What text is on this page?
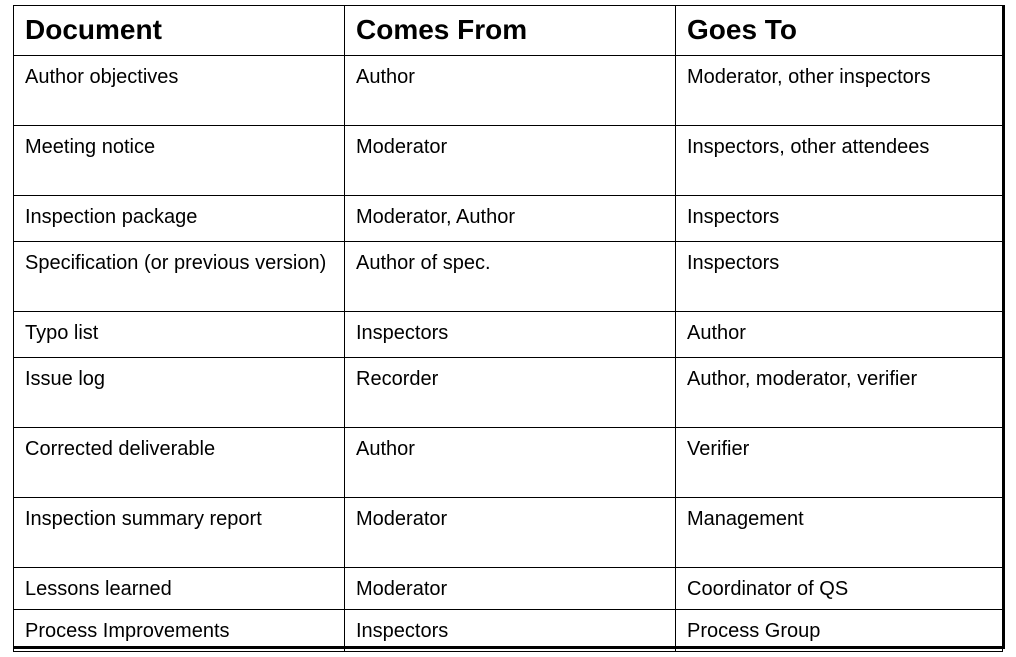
Document	Comes From	Goes To
Author objectives	Author	Moderator, other inspectors
Meeting notice	Moderator	Inspectors, other attendees
Inspection package	Moderator, Author	Inspectors
Specification (or previous version)	Author of spec.	Inspectors
Typo list	Inspectors	Author
Issue log	Recorder	Author, moderator, verifier
Corrected deliverable	Author	Verifier
Inspection summary report	Moderator	Management
Lessons learned	Moderator	Coordinator of QS
Process Improvements	Inspectors	Process Group
